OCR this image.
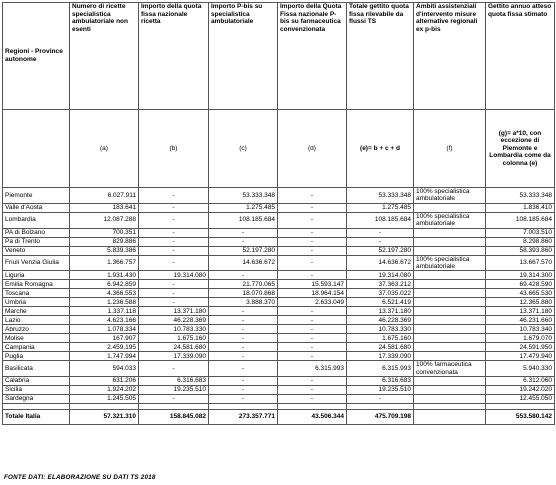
Regioni - Province autonome	Numero di ricette specialistica ambulatoriale non esenti	Importo della quota fissa nazionale ricetta	Importo P-bis su specialistica ambulatoriale	Importo della Quota Fissa nazionale P-bis su farmaceutica convenzionata	Totale gettito quota fissa rilevabile da flussi TS	Ambiti assistenziali d'intervento misure alternative regionali ex p-bis	Gettito annuo atteso quota fissa stimato
	(a)	(b)	(c)	(d)	(e)= b + c + d	(f)	(g)= a*10, con eccezione di Piemonte e Lombardia come da colonna (e)
Piemonte	6.027.911	-	53.333.348	-	53.333.348	100% specialistica ambulatoriale	53.333.348
Valle d'Aosta	183.641	-	1.275.485	-	1.275.485		1.836.410
Lombardia	12.087.288	-	108.185.684	-	108.185.684	100% specialistica ambulatoriale	108.185.684
PA di Bolzano	700.351	-	-	-	-		7.003.510
Pa di Trento	829.886	-	-	-	-		8.298.860
Veneto	5.839.386	-	52.197.280	-	52.197.280		58.393.860
Friuli Venzia Giulia	1.366.757	-	14.636.672	-	14.636.672	100% specialistica ambulatoriale	13.667.570
Liguria	1.931.430	19.314.080	-	-	19.314.080		19.314.300
Emilia Romagna	6.942.859	-	21.770.065	15.593.147	37.363.212		69.428.590
Toscana	4.366.553	-	18.070.868	18.964.154	37.035.022		43.665.530
Umbria	1.236.588	-	3.888.370	2.633.049	6.521.419		12.365.880
Marche	1.337.118	13.371.180	-	-	13.371.180		13.371.180
Lazio	4.623.166	46.228.369	-	-	46.228.369		46.231.660
Abruzzo	1.078.334	10.783.330	-	-	10.783.330		10.783.340
Molise	167.907	1.675.160	-	-	1.675.160		1.679.070
Campania	2.459.195	24.581.680	-	-	24.581.680		24.591.950
Puglia	1.747.994	17.339.090	-	-	17.339.090		17.479.940
Basilicata	594.033	-	-	6.315.993	6.315.993	100% farmaceutica convenzionata	5.940.330
Calabria	631.206	6.316.683	-	-	6.316.683		6.312.060
Sicilia	1.924.202	19.235.510	-	-	19.235.510		19.242.020
Sardegna	1.245.505	-	-	-	-		12.455.050

Totale Italia	57.321.310	158.845.082	273.357.771	43.506.344	475.709.198		553.580.142
FONTE DATI: ELABORAZIONE SU DATI TS 2018
